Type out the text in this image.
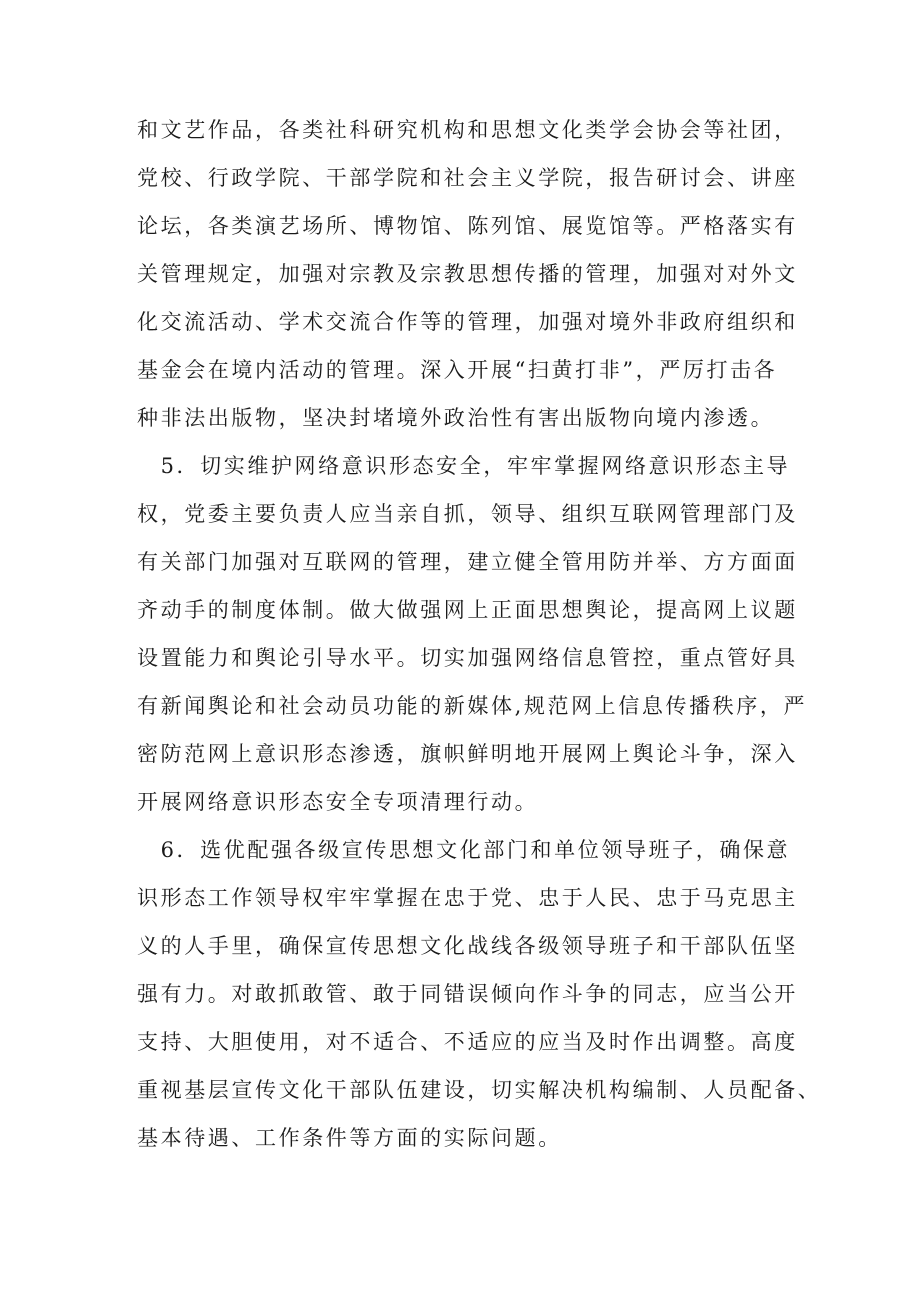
和文艺作品，各类社科研究机构和思想文化类学会协会等社团，

党校、行政学院、干部学院和社会主义学院，报告研讨会、讲座

论坛，各类演艺场所、博物馆、陈列馆、展览馆等。严格落实有

关管理规定，加强对宗教及宗教思想传播的管理，加强对对外文

化交流活动、学术交流合作等的管理，加强对境外非政府组织和

基金会在境内活动的管理。深入开展“扫黄打非”，严厉打击各

种非法出版物，坚决封堵境外政治性有害出版物向境内渗透。

　5．切实维护网络意识形态安全，牢牢掌握网络意识形态主导

权，党委主要负责人应当亲自抓，领导、组织互联网管理部门及

有关部门加强对互联网的管理，建立健全管用防并举、方方面面

齐动手的制度体制。做大做强网上正面思想舆论，提高网上议题

设置能力和舆论引导水平。切实加强网络信息管控，重点管好具

有新闻舆论和社会动员功能的新媒体,规范网上信息传播秩序，严

密防范网上意识形态渗透，旗帜鲜明地开展网上舆论斗争，深入

开展网络意识形态安全专项清理行动。

　6．选优配强各级宣传思想文化部门和单位领导班子，确保意

识形态工作领导权牢牢掌握在忠于党、忠于人民、忠于马克思主

义的人手里，确保宣传思想文化战线各级领导班子和干部队伍坚

强有力。对敢抓敢管、敢于同错误倾向作斗争的同志，应当公开

支持、大胆使用，对不适合、不适应的应当及时作出调整。高度

重视基层宣传文化干部队伍建设，切实解决机构编制、人员配备、

基本待遇、工作条件等方面的实际问题。
